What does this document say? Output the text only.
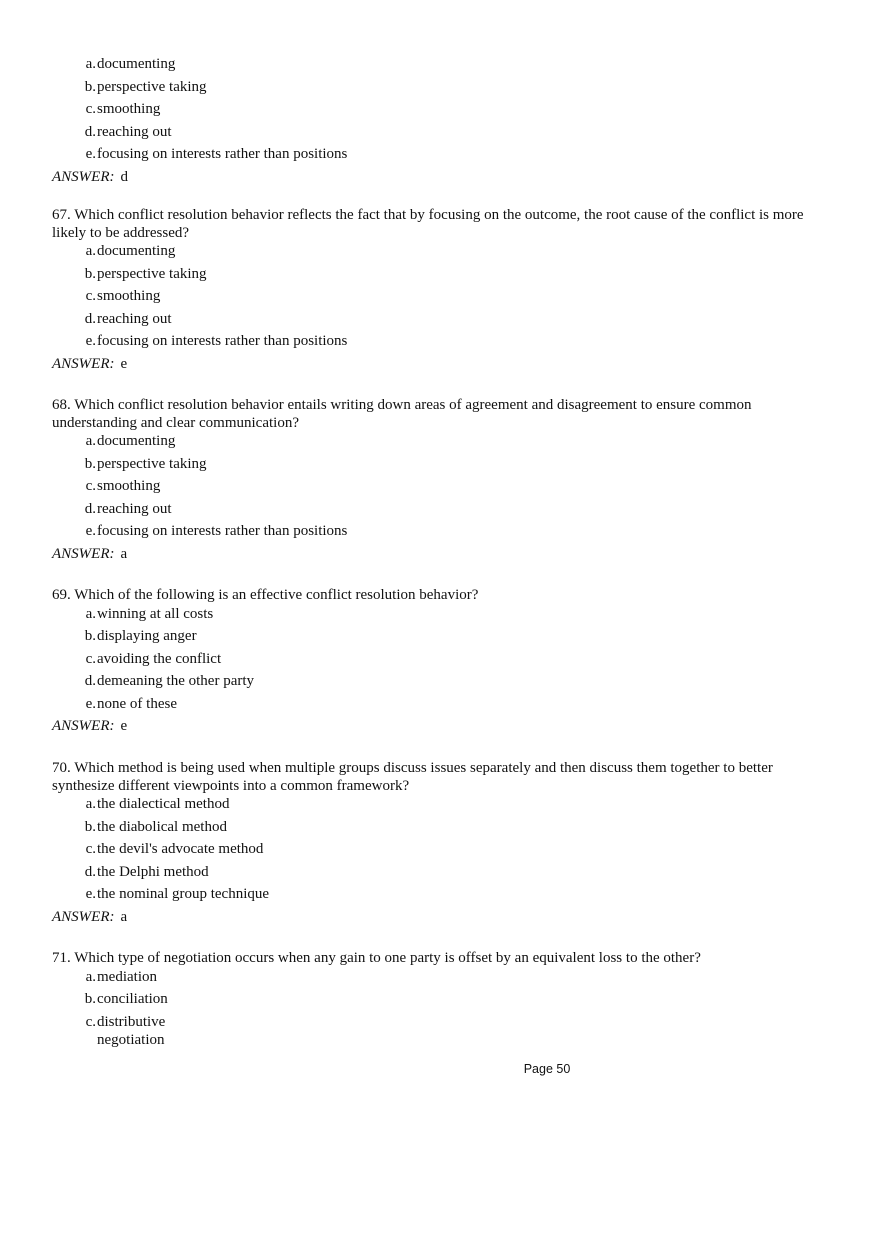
a. documenting
b. perspective taking
c. smoothing
d. reaching out
e. focusing on interests rather than positions

ANSWER: d

67. Which conflict resolution behavior reflects the fact that by focusing on the outcome, the root cause of the conflict is more likely to be addressed?

a. documenting
b. perspective taking
c. smoothing
d. reaching out
e. focusing on interests rather than positions

ANSWER: e

68. Which conflict resolution behavior entails writing down areas of agreement and disagreement to ensure common understanding and clear communication?

a. documenting
b. perspective taking
c. smoothing
d. reaching out
e. focusing on interests rather than positions

ANSWER: a

69. Which of the following is an effective conflict resolution behavior?

a. winning at all costs
b. displaying anger
c. avoiding the conflict
d. demeaning the other party
e. none of these

ANSWER: e

70. Which method is being used when multiple groups discuss issues separately and then discuss them together to better synthesize different viewpoints into a common framework?

a. the dialectical method
b. the diabolical method
c. the devil's advocate method
d. the Delphi method
e. the nominal group technique

ANSWER: a

71. Which type of negotiation occurs when any gain to one party is offset by an equivalent loss to the other?

a. mediation
b. conciliation
c. distributive negotiation
Page 50
